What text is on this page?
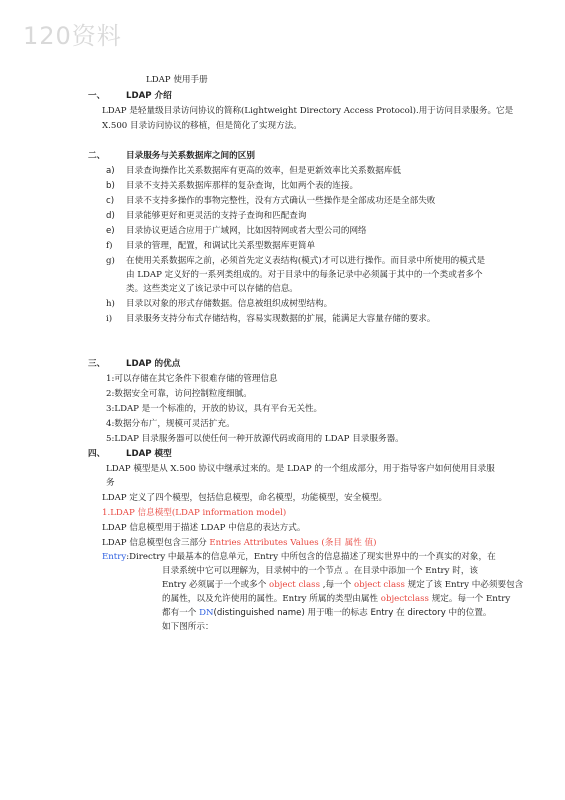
120资料
LDAP 使用手册
一、 LDAP 介绍
LDAP 是轻量级目录访问协议的简称(Lightweight Directory Access Protocol).用于访问目录服务。它是
X.500 目录访问协议的移植，但是简化了实现方法。
二、 目录服务与关系数据库之间的区别
a) 目录查询操作比关系数据库有更高的效率，但是更新效率比关系数据库低
b) 目录不支持关系数据库那样的复杂查询，比如两个表的连接。
c) 目录不支持多操作的事物完整性，没有方式确认一些操作是全部成功还是全部失败
d) 目录能够更好和更灵活的支持子查询和匹配查询
e) 目录协议更适合应用于广域网，比如因特网或者大型公司的网络
f) 目录的管理，配置，和调试比关系型数据库更简单
g) 在使用关系数据库之前，必须首先定义表结构(模式)才可以进行操作。而目录中所使用的模式是
由 LDAP 定义好的一系列类组成的。对于目录中的每条记录中必须属于其中的一个类或者多个
类。这些类定义了该记录中可以存储的信息。
h) 目录以对象的形式存储数据。信息被组织成树型结构。
i) 目录服务支持分布式存储结构，容易实现数据的扩展，能满足大容量存储的要求。
三、 LDAP 的优点
1:可以存储在其它条件下很难存储的管理信息
2:数据安全可靠，访问控制粒度细腻。
3:LDAP 是一个标准的，开放的协议，具有平台无关性。
4:数据分布广，规模可灵活扩充。
5:LDAP 目录服务器可以使任何一种开放源代码或商用的 LDAP 目录服务器。
四、 LDAP 模型
LDAP 模型是从 X.500 协议中继承过来的。是 LDAP 的一个组成部分，用于指导客户如何使用目录服
务
LDAP 定义了四个模型，包括信息模型，命名模型，功能模型，安全模型。
1.LDAP 信息模型(LDAP information model)
LDAP 信息模型用于描述 LDAP 中信息的表达方式。
LDAP 信息模型包含三部分 Entries Attributes Values (条目 属性 值)
Entry:Directry 中最基本的信息单元，Entry 中所包含的信息描述了现实世界中的一个真实的对象，在
目录系统中它可以理解为，目录树中的一个节点 。在目录中添加一个 Entry 时，该
Entry 必须属于一个或多个 object class ,每一个 object class 规定了该 Entry 中必须要包含
的属性，以及允许使用的属性。Entry 所属的类型由属性 objectclass 规定。每一个 Entry
都有一个 DN(distinguished name) 用于唯一的标志 Entry 在 directory 中的位置。
如下图所示：
